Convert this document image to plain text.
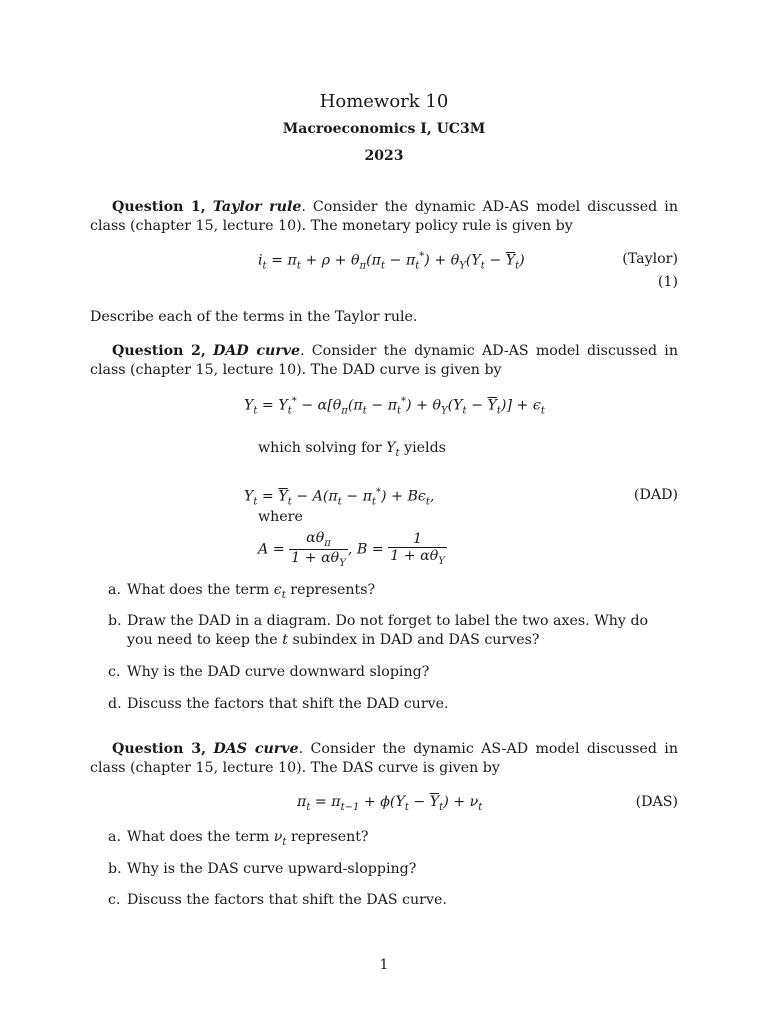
Homework 10
Macroeconomics I, UC3M
2023
Question 1, Taylor rule. Consider the dynamic AD-AS model discussed in class (chapter 15, lecture 10). The monetary policy rule is given by
$i_t = \pi_t + \rho + \theta_\pi(\pi_t - \pi_t^*) + \theta_Y(Y_t - \overline{Y}_t)$	(Taylor)
(1)
Describe each of the terms in the Taylor rule.
Question 2, DAD curve. Consider the dynamic AD-AS model discussed in class (chapter 15, lecture 10). The DAD curve is given by
$Y_t = Y_t^* - \alpha[\theta_\pi(\pi_t - \pi_t^*) + \theta_Y(Y_t - \overline{Y}_t)] + \epsilon_t$
which solving for $Y_t$ yields
$Y_t = \overline{Y}_t - A(\pi_t - \pi_t^*) + B\epsilon_t$,	(DAD)
where
$A = \frac{\alpha\theta_\pi}{1 + \alpha\theta_Y}$ , $B = \frac{1}{1 + \alpha\theta_Y}$
a. What does the term $\epsilon_t$ represents?
b. Draw the DAD in a diagram. Do not forget to label the two axes. Why do you need to keep the t subindex in DAD and DAS curves?
c. Why is the DAD curve downward sloping?
d. Discuss the factors that shift the DAD curve.
Question 3, DAS curve. Consider the dynamic AS-AD model discussed in class (chapter 15, lecture 10). The DAS curve is given by
$\pi_t = \pi_{t-1} + \phi(Y_t - \overline{Y}_t) + \nu_t$	(DAS)
a. What does the term $\nu_t$ represent?
b. Why is the DAS curve upward-slopping?
c. Discuss the factors that shift the DAS curve.
1
